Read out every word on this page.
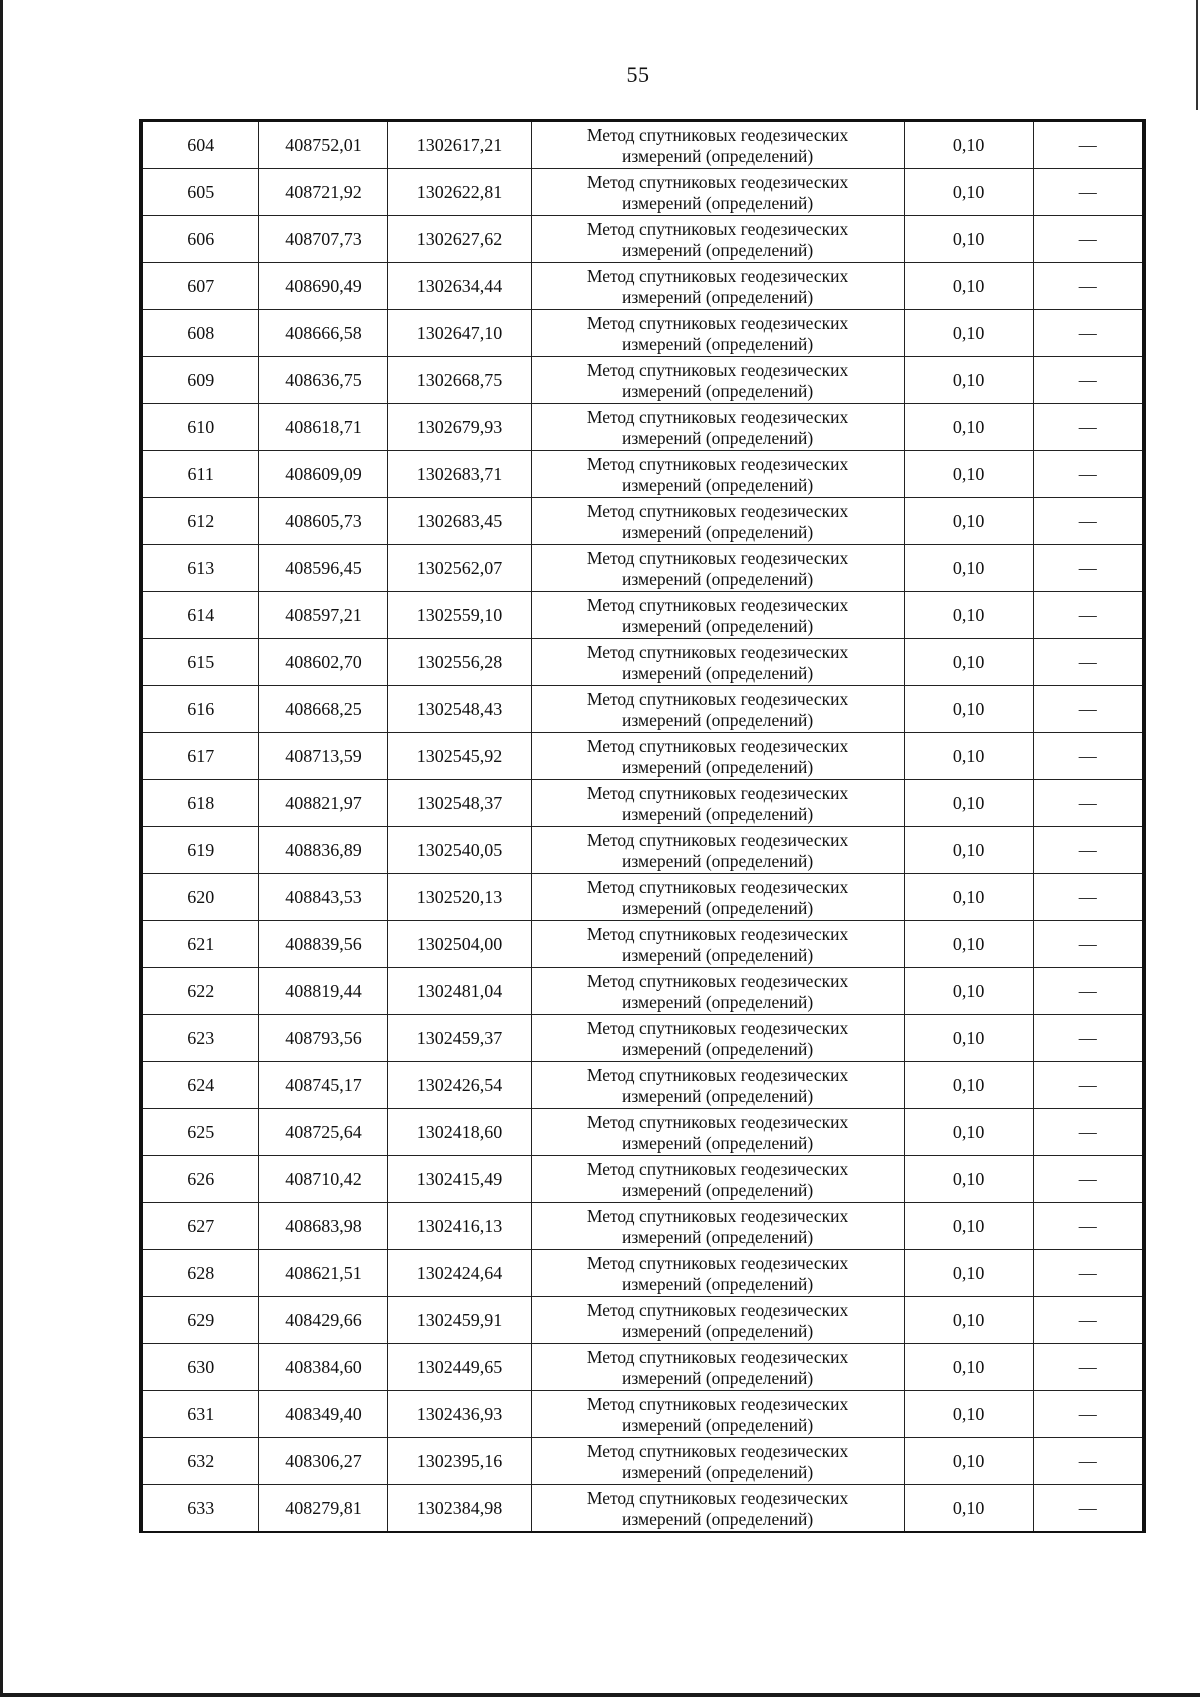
55
604	408752,01	1302617,21	Метод спутниковых геодезических
измерений (определений)	0,10	—
605	408721,92	1302622,81	Метод спутниковых геодезических
измерений (определений)	0,10	—
606	408707,73	1302627,62	Метод спутниковых геодезических
измерений (определений)	0,10	—
607	408690,49	1302634,44	Метод спутниковых геодезических
измерений (определений)	0,10	—
608	408666,58	1302647,10	Метод спутниковых геодезических
измерений (определений)	0,10	—
609	408636,75	1302668,75	Метод спутниковых геодезических
измерений (определений)	0,10	—
610	408618,71	1302679,93	Метод спутниковых геодезических
измерений (определений)	0,10	—
611	408609,09	1302683,71	Метод спутниковых геодезических
измерений (определений)	0,10	—
612	408605,73	1302683,45	Метод спутниковых геодезических
измерений (определений)	0,10	—
613	408596,45	1302562,07	Метод спутниковых геодезических
измерений (определений)	0,10	—
614	408597,21	1302559,10	Метод спутниковых геодезических
измерений (определений)	0,10	—
615	408602,70	1302556,28	Метод спутниковых геодезических
измерений (определений)	0,10	—
616	408668,25	1302548,43	Метод спутниковых геодезических
измерений (определений)	0,10	—
617	408713,59	1302545,92	Метод спутниковых геодезических
измерений (определений)	0,10	—
618	408821,97	1302548,37	Метод спутниковых геодезических
измерений (определений)	0,10	—
619	408836,89	1302540,05	Метод спутниковых геодезических
измерений (определений)	0,10	—
620	408843,53	1302520,13	Метод спутниковых геодезических
измерений (определений)	0,10	—
621	408839,56	1302504,00	Метод спутниковых геодезических
измерений (определений)	0,10	—
622	408819,44	1302481,04	Метод спутниковых геодезических
измерений (определений)	0,10	—
623	408793,56	1302459,37	Метод спутниковых геодезических
измерений (определений)	0,10	—
624	408745,17	1302426,54	Метод спутниковых геодезических
измерений (определений)	0,10	—
625	408725,64	1302418,60	Метод спутниковых геодезических
измерений (определений)	0,10	—
626	408710,42	1302415,49	Метод спутниковых геодезических
измерений (определений)	0,10	—
627	408683,98	1302416,13	Метод спутниковых геодезических
измерений (определений)	0,10	—
628	408621,51	1302424,64	Метод спутниковых геодезических
измерений (определений)	0,10	—
629	408429,66	1302459,91	Метод спутниковых геодезических
измерений (определений)	0,10	—
630	408384,60	1302449,65	Метод спутниковых геодезических
измерений (определений)	0,10	—
631	408349,40	1302436,93	Метод спутниковых геодезических
измерений (определений)	0,10	—
632	408306,27	1302395,16	Метод спутниковых геодезических
измерений (определений)	0,10	—
633	408279,81	1302384,98	Метод спутниковых геодезических
измерений (определений)	0,10	—
